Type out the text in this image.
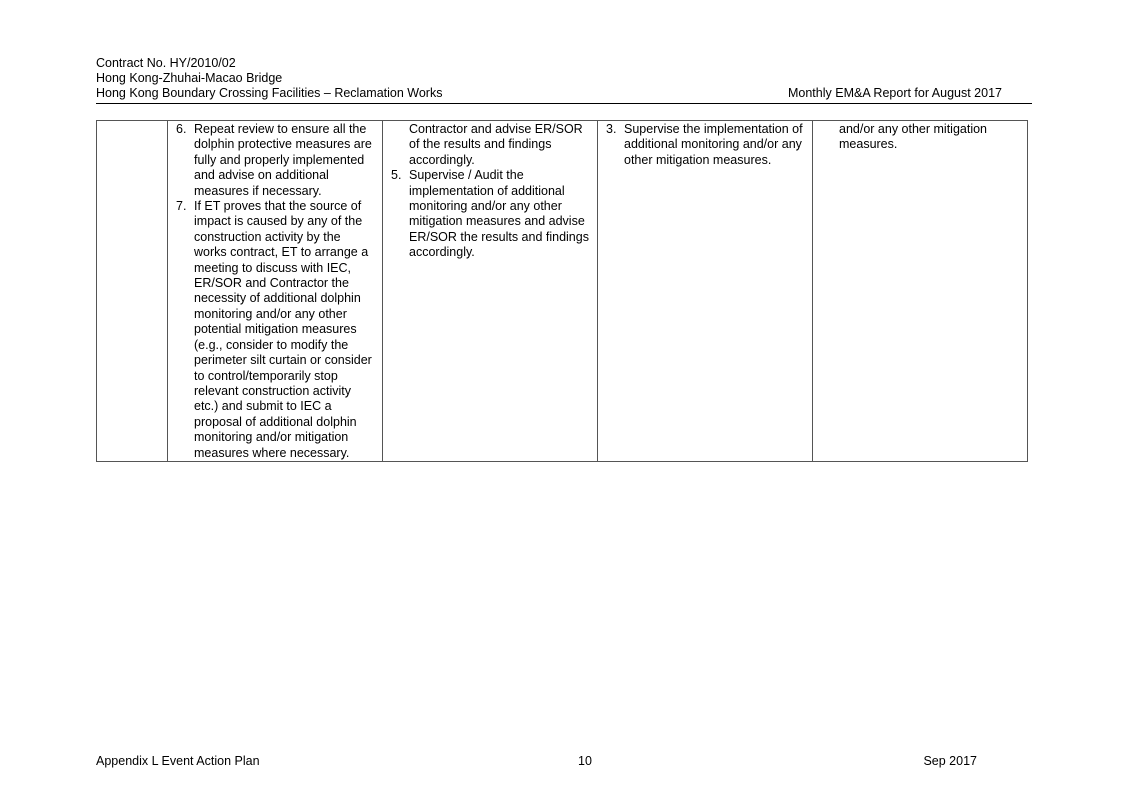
Contract No. HY/2010/02
Hong Kong-Zhuhai-Macao Bridge
Hong Kong Boundary Crossing Facilities – Reclamation Works	Monthly EM&A Report for August 2017

6. Repeat review to ensure all the dolphin protective measures are fully and properly implemented and advise on additional measures if necessary.
7. If ET proves that the source of impact is caused by any of the construction activity by the works contract, ET to arrange a meeting to discuss with IEC, ER/SOR and Contractor the necessity of additional dolphin monitoring and/or any other potential mitigation measures (e.g., consider to modify the perimeter silt curtain or consider to control/temporarily stop relevant construction activity etc.) and submit to IEC a proposal of additional dolphin monitoring and/or mitigation measures where necessary.

Contractor and advise ER/SOR of the results and findings accordingly.
5. Supervise / Audit the implementation of additional monitoring and/or any other mitigation measures and advise ER/SOR the results and findings accordingly.

3. Supervise the implementation of additional monitoring and/or any other mitigation measures.

and/or any other mitigation measures.
Appendix L Event Action Plan	10	Sep 2017
